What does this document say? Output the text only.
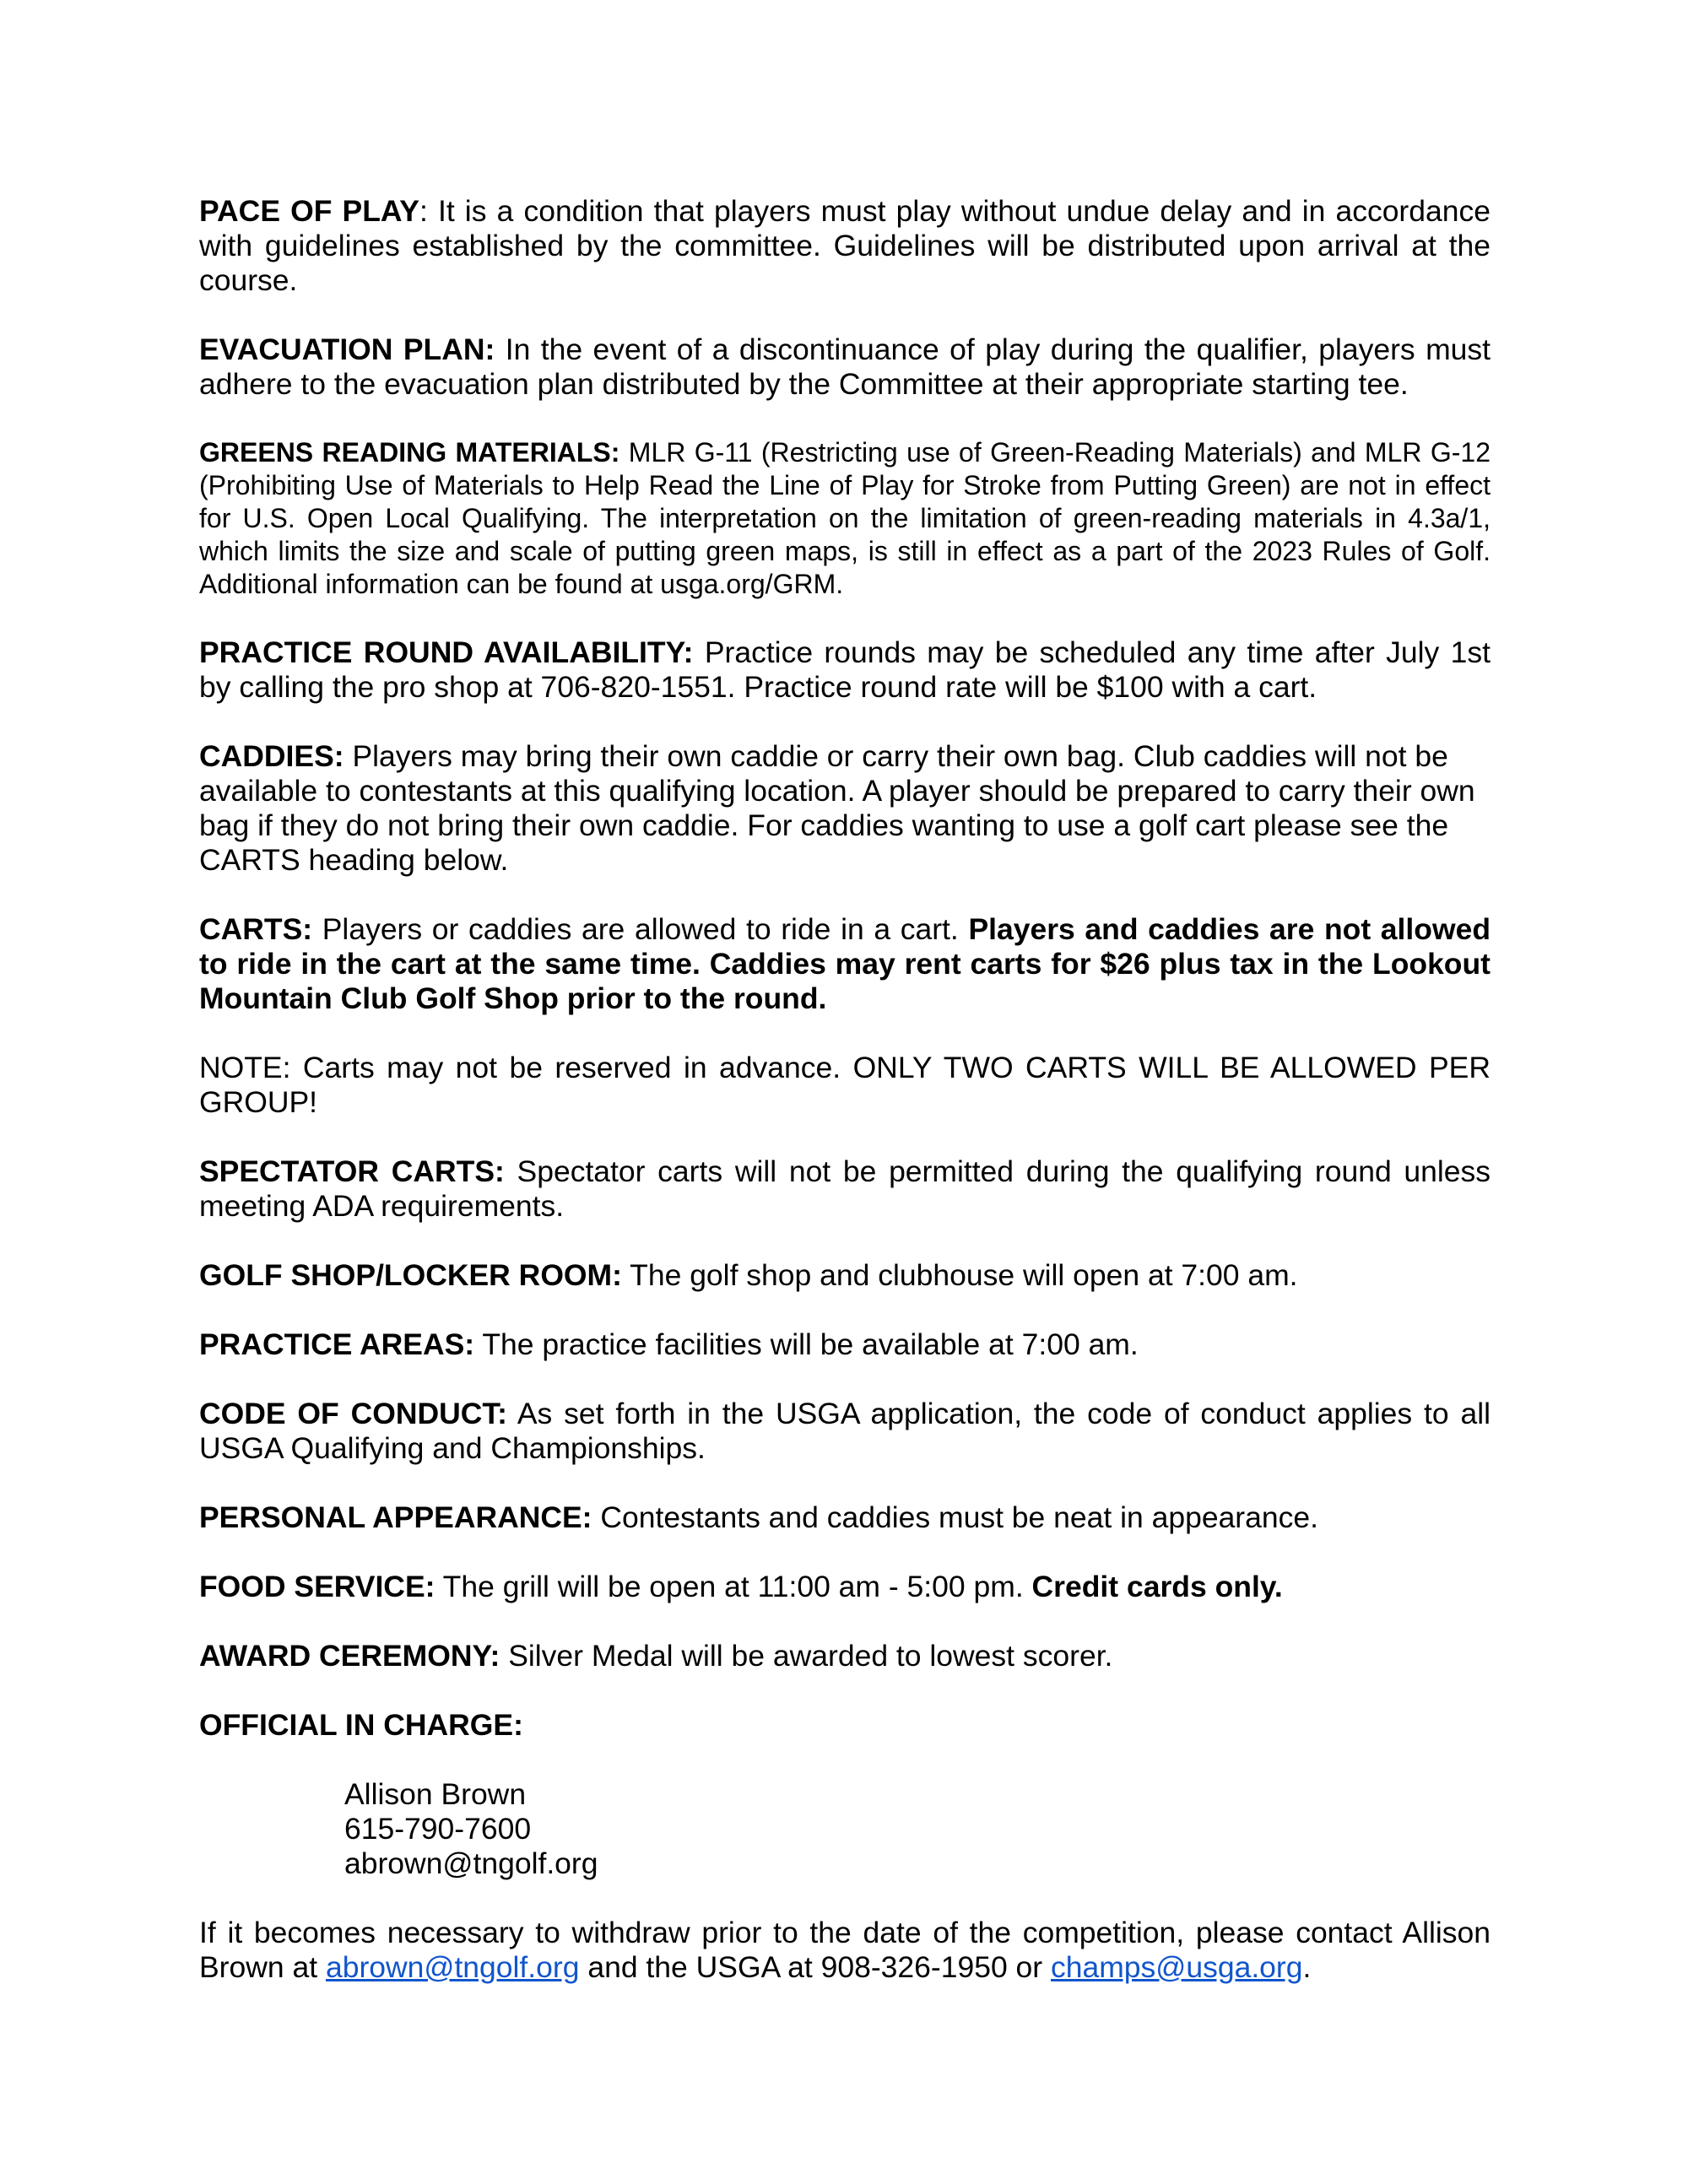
PACE OF PLAY: It is a condition that players must play without undue delay and in accordance with guidelines established by the committee. Guidelines will be distributed upon arrival at the course.

EVACUATION PLAN: In the event of a discontinuance of play during the qualifier, players must adhere to the evacuation plan distributed by the Committee at their appropriate starting tee.

GREENS READING MATERIALS: MLR G-11 (Restricting use of Green-Reading Materials) and MLR G-12 (Prohibiting Use of Materials to Help Read the Line of Play for Stroke from Putting Green) are not in effect for U.S. Open Local Qualifying. The interpretation on the limitation of green-reading materials in 4.3a/1, which limits the size and scale of putting green maps, is still in effect as a part of the 2023 Rules of Golf. Additional information can be found at usga.org/GRM.

PRACTICE ROUND AVAILABILITY: Practice rounds may be scheduled any time after July 1st by calling the pro shop at 706-820-1551. Practice round rate will be $100 with a cart.

CADDIES: Players may bring their own caddie or carry their own bag. Club caddies will not be available to contestants at this qualifying location. A player should be prepared to carry their own bag if they do not bring their own caddie. For caddies wanting to use a golf cart please see the CARTS heading below.

CARTS: Players or caddies are allowed to ride in a cart. Players and caddies are not allowed to ride in the cart at the same time. Caddies may rent carts for $26 plus tax in the Lookout Mountain Club Golf Shop prior to the round.

NOTE: Carts may not be reserved in advance. ONLY TWO CARTS WILL BE ALLOWED PER GROUP!

SPECTATOR CARTS: Spectator carts will not be permitted during the qualifying round unless meeting ADA requirements.

GOLF SHOP/LOCKER ROOM: The golf shop and clubhouse will open at 7:00 am.

PRACTICE AREAS: The practice facilities will be available at 7:00 am.

CODE OF CONDUCT: As set forth in the USGA application, the code of conduct applies to all USGA Qualifying and Championships.

PERSONAL APPEARANCE: Contestants and caddies must be neat in appearance.

FOOD SERVICE: The grill will be open at 11:00 am - 5:00 pm. Credit cards only.

AWARD CEREMONY: Silver Medal will be awarded to lowest scorer.

OFFICIAL IN CHARGE:

Allison Brown
615-790-7600
abrown@tngolf.org

If it becomes necessary to withdraw prior to the date of the competition, please contact Allison Brown at abrown@tngolf.org and the USGA at 908-326-1950 or champs@usga.org.
